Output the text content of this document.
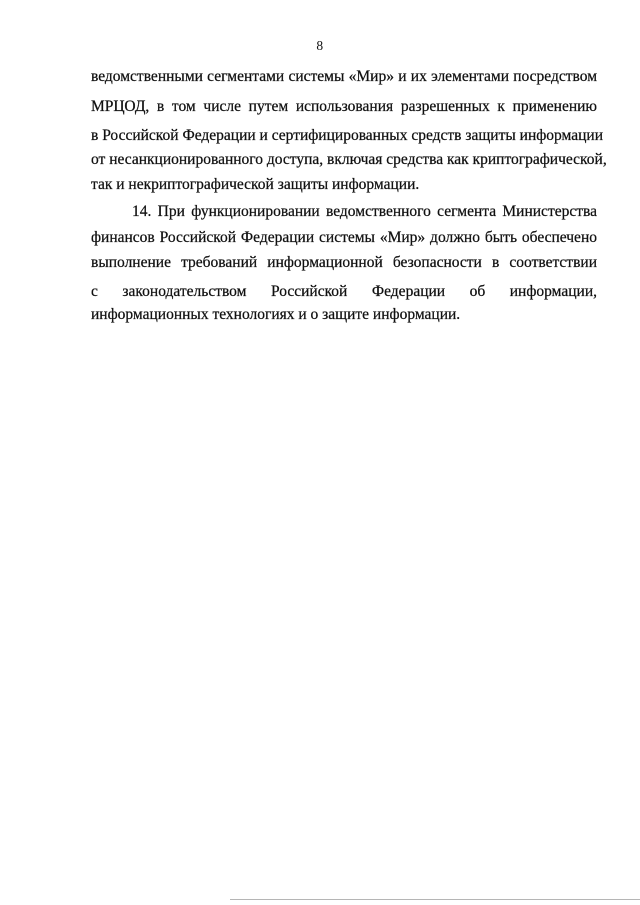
8
ведомственными сегментами системы «Мир» и их элементами посредством
МРЦОД, в том числе путем использования разрешенных к применению
в Российской Федерации и сертифицированных средств защиты информации
от несанкционированного доступа, включая средства как криптографической,
так и некриптографической защиты информации.
14. При функционировании ведомственного сегмента Министерства
финансов Российской Федерации системы «Мир» должно быть обеспечено
выполнение требований информационной безопасности в соответствии
с законодательством Российской Федерации об информации,
информационных технологиях и о защите информации.
